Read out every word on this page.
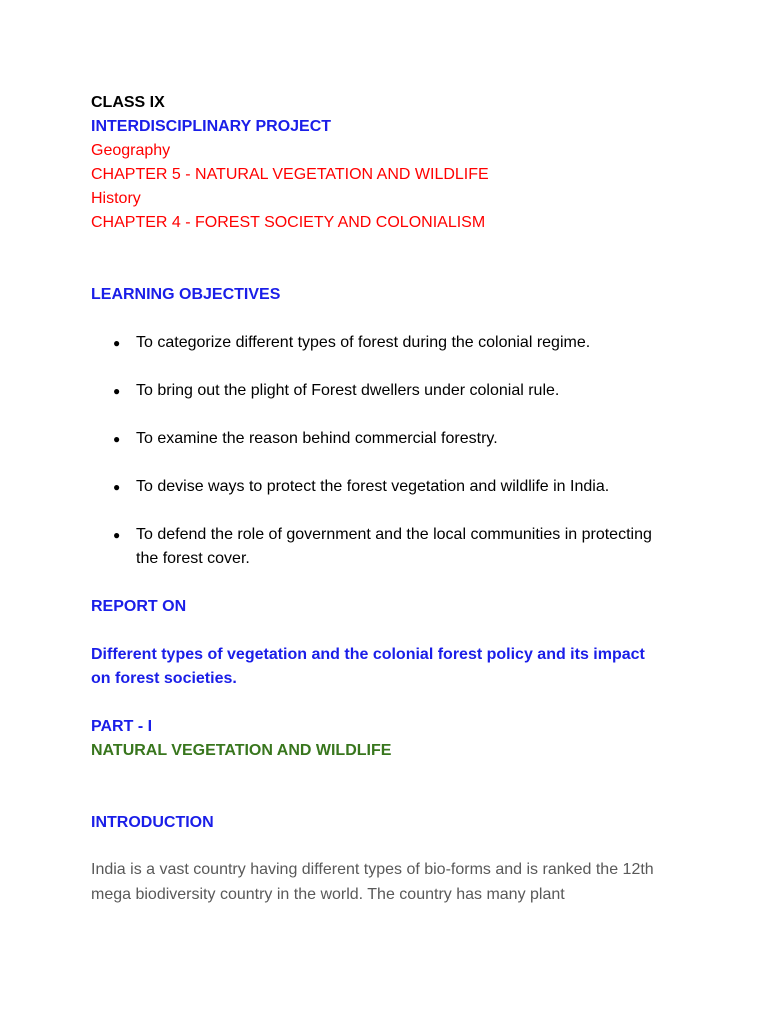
CLASS IX
INTERDISCIPLINARY PROJECT
Geography
CHAPTER 5 - NATURAL VEGETATION AND WILDLIFE
History
CHAPTER 4 - FOREST SOCIETY AND COLONIALISM
LEARNING OBJECTIVES
● To categorize different types of forest during the colonial regime.
● To bring out the plight of Forest dwellers under colonial rule.
● To examine the reason behind commercial forestry.
● To devise ways to protect the forest vegetation and wildlife in India.
● To defend the role of government and the local communities in protecting the forest cover.
REPORT ON
Different types of vegetation and the colonial forest policy and its impact on forest societies.
PART - I
NATURAL VEGETATION AND WILDLIFE
INTRODUCTION
India is a vast country having different types of bio-forms and is ranked the 12th mega biodiversity country in the world. The country has many plant
